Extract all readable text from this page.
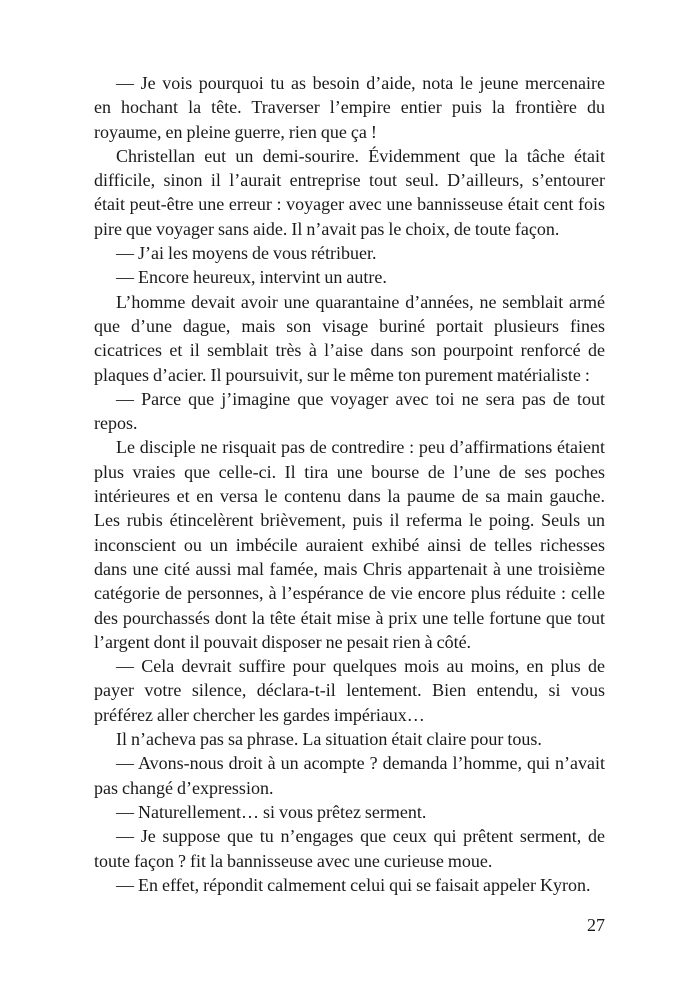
— Je vois pourquoi tu as besoin d’aide, nota le jeune mercenaire
en hochant la tête. Traverser l’empire entier puis la frontière du
royaume, en pleine guerre, rien que ça !
Christellan eut un demi-sourire. Évidemment que la tâche était
difficile, sinon il l’aurait entreprise tout seul. D’ailleurs, s’entourer
était peut-être une erreur : voyager avec une bannisseuse était cent fois
pire que voyager sans aide. Il n’avait pas le choix, de toute façon.
— J’ai les moyens de vous rétribuer.
— Encore heureux, intervint un autre.
L’homme devait avoir une quarantaine d’années, ne semblait armé
que d’une dague, mais son visage buriné portait plusieurs fines
cicatrices et il semblait très à l’aise dans son pourpoint renforcé de
plaques d’acier. Il poursuivit, sur le même ton purement matérialiste :
— Parce que j’imagine que voyager avec toi ne sera pas de tout
repos.
Le disciple ne risquait pas de contredire : peu d’affirmations étaient
plus vraies que celle-ci. Il tira une bourse de l’une de ses poches
intérieures et en versa le contenu dans la paume de sa main gauche.
Les rubis étincelèrent brièvement, puis il referma le poing. Seuls un
inconscient ou un imbécile auraient exhibé ainsi de telles richesses
dans une cité aussi mal famée, mais Chris appartenait à une troisième
catégorie de personnes, à l’espérance de vie encore plus réduite : celle
des pourchassés dont la tête était mise à prix une telle fortune que tout
l’argent dont il pouvait disposer ne pesait rien à côté.
— Cela devrait suffire pour quelques mois au moins, en plus de
payer votre silence, déclara-t-il lentement. Bien entendu, si vous
préférez aller chercher les gardes impériaux…
Il n’acheva pas sa phrase. La situation était claire pour tous.
— Avons-nous droit à un acompte ? demanda l’homme, qui n’avait
pas changé d’expression.
— Naturellement… si vous prêtez serment.
— Je suppose que tu n’engages que ceux qui prêtent serment, de
toute façon ? fit la bannisseuse avec une curieuse moue.
— En effet, répondit calmement celui qui se faisait appeler Kyron.
27
